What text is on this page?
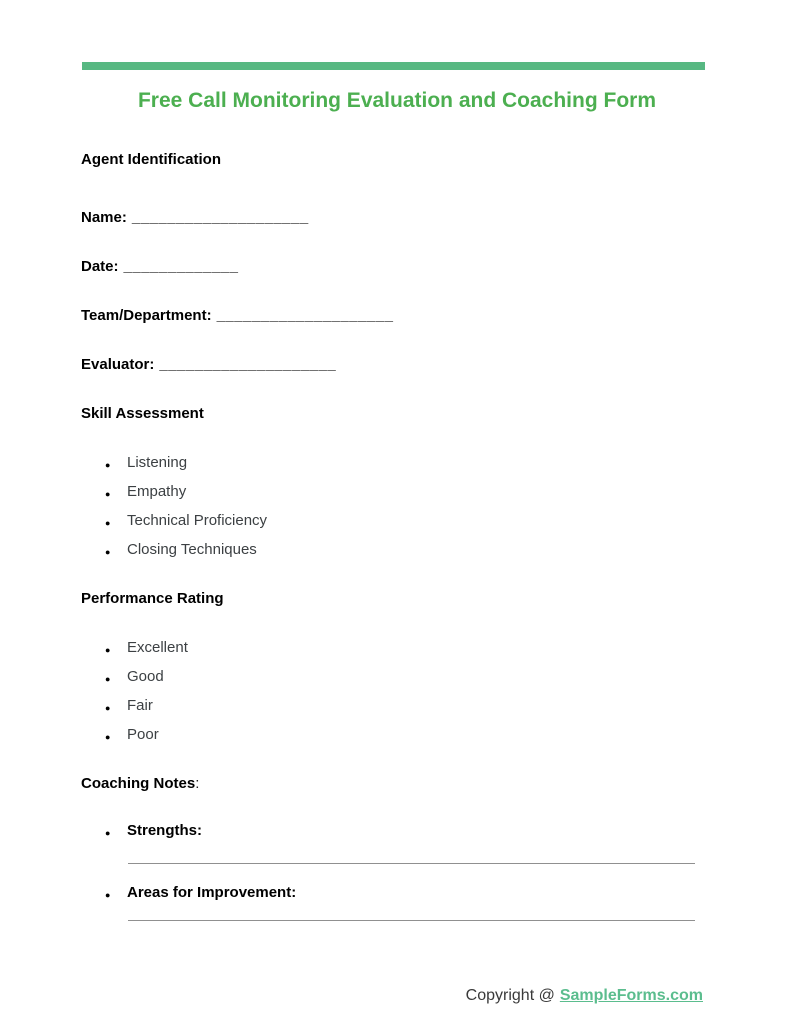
Free Call Monitoring Evaluation and Coaching Form

Agent Identification

Name: ____________________

Date: _____________

Team/Department: ____________________

Evaluator: ____________________

Skill Assessment

● Listening
● Empathy
● Technical Proficiency
● Closing Techniques

Performance Rating

● Excellent
● Good
● Fair
● Poor

Coaching Notes:

● Strengths:
● Areas for Improvement:
Copyright @ SampleForms.com
